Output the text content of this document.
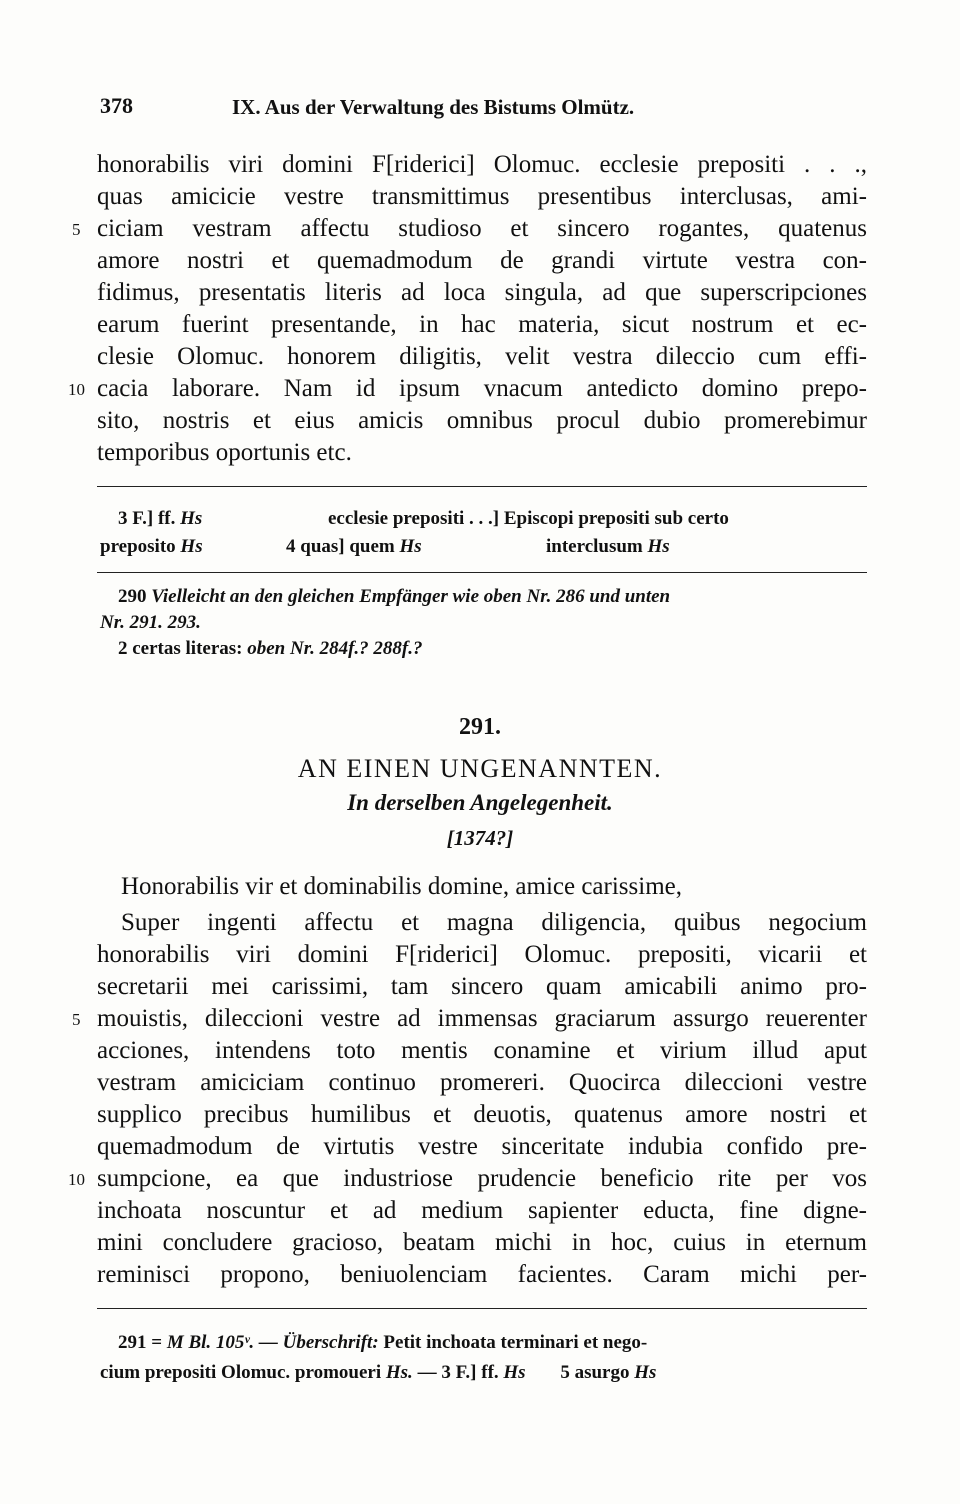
378	IX. Aus der Verwaltung des Bistums Olmütz.
honorabilis viri domini F[riderici] Olomuc. ecclesie prepositi . . .,
quas amicicie vestre transmittimus presentibus interclusas, ami-
ciciam vestram affectu studioso et sincero rogantes, quatenus
amore nostri et quemadmodum de grandi virtute vestra con-
fidimus, presentatis literis ad loca singula, ad que superscripciones
earum fuerint presentande, in hac materia, sicut nostrum et ec-
clesie Olomuc. honorem diligitis, velit vestra dileccio cum effi-
cacia laborare. Nam id ipsum vnacum antedicto domino prepo-
sito, nostris et eius amicis omnibus procul dubio promerebimur
temporibus oportunis etc.
5
10
3 F.] ff. Hs	ecclesie prepositi . . .] Episcopi prepositi sub certo
preposito Hs	4 quas] quem Hs	interclusum Hs
290 Vielleicht an den gleichen Empfänger wie oben Nr. 286 und unten
Nr. 291. 293.
2 certas literas: oben Nr. 284f.? 288f.?
291.
AN EINEN UNGENANNTEN.
In derselben Angelegenheit.
[1374?]
Honorabilis vir et dominabilis domine, amice carissime,
Super ingenti affectu et magna diligencia, quibus negocium
honorabilis viri domini F[riderici] Olomuc. prepositi, vicarii et
secretarii mei carissimi, tam sincero quam amicabili animo pro-
mouistis, dileccioni vestre ad immensas graciarum assurgo reuerenter
acciones, intendens toto mentis conamine et virium illud aput
vestram amiciciam continuo promereri. Quocirca dileccioni vestre
supplico precibus humilibus et deuotis, quatenus amore nostri et
quemadmodum de virtutis vestre sinceritate indubia confido pre-
sumpcione, ea que industriose prudencie beneficio rite per vos
inchoata noscuntur et ad medium sapienter educta, fine digne-
mini concludere gracioso, beatam michi in hoc, cuius in eternum
reminisci propono, beniuolenciam facientes. Caram michi per-
5
10
291 = M Bl. 105ᵛ. — Überschrift: Petit inchoata terminari et nego-
cium prepositi Olomuc. promoueri Hs. — 3 F.] ff. Hs 5 asurgo Hs
